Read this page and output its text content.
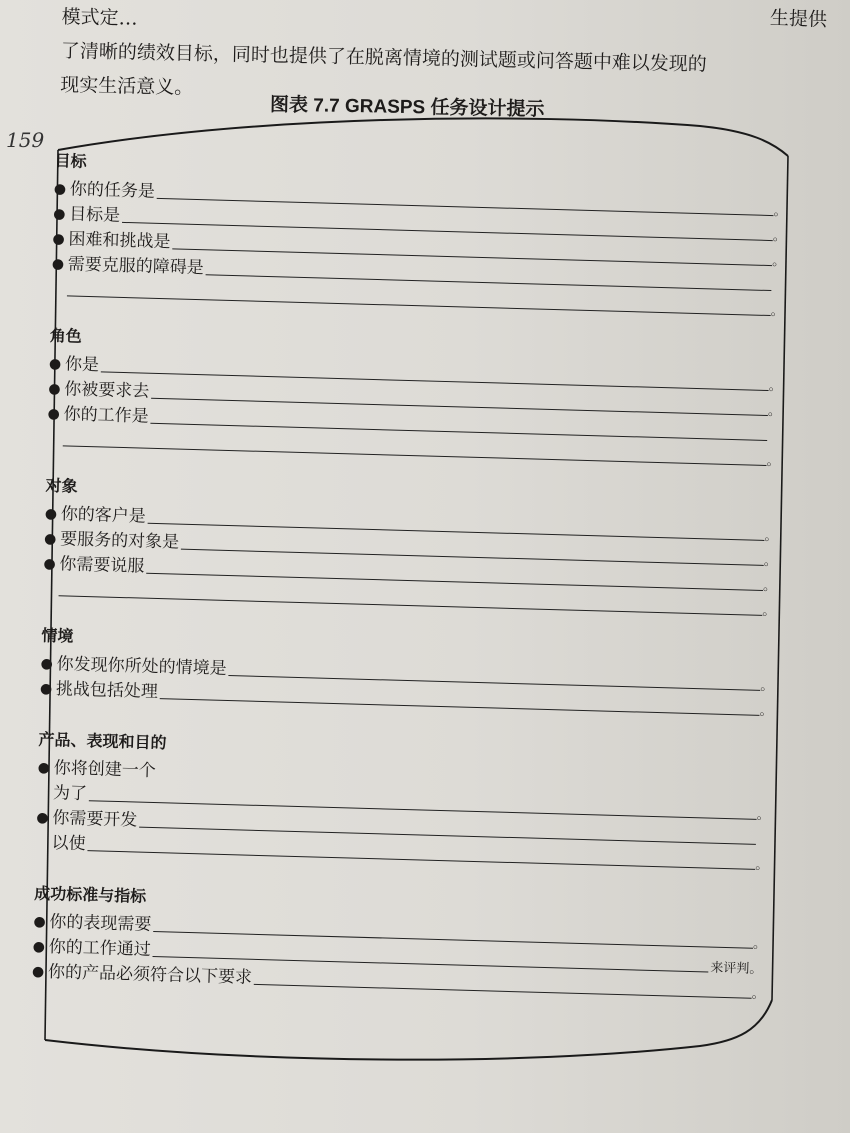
模式定…
了清晰的绩效目标，同时也提供了在脱离情境的测试题或问答题中难以发现的
现实生活意义。
生提供
图表 7.7 GRASPS 任务设计提示
159
目标
● 你的任务是
。
● 目标是
。
● 困难和挑战是
。
● 需要克服的障碍是
。
角色
● 你是
。
● 你被要求去
。
● 你的工作是
。
对象
● 你的客户是
。
● 要服务的对象是
。
● 你需要说服
。
。
情境
● 你发现你所处的情境是
。
● 挑战包括处理
。
产品、表现和目的
● 你将创建一个
为了
。
● 你需要开发
以使
。
成功标准与指标
● 你的表现需要
。
● 你的工作通过
来评判。
● 你的产品必须符合以下要求
。
